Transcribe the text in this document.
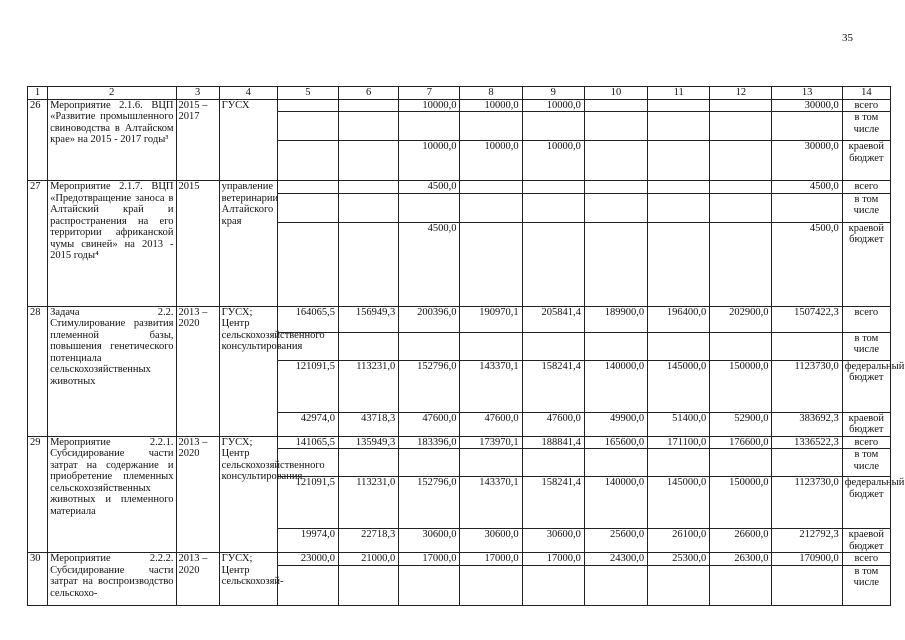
35
1	2	3	4	5	6	7	8	9	10	11	12	13	14
26	Мероприятие 2.1.6. ВЦП «Развитие промышленного свиноводства в Алтайском крае» на 2015 - 2017 годы³	2015 – 2017	ГУСХ			10000,0	10000,0	10000,0				30000,0	всего
													в том числе
						10000,0	10000,0	10000,0				30000,0	краевой бюджет
27	Мероприятие 2.1.7. ВЦП «Предотвращение заноса в Алтайский край и распространения на его территории африканской чумы свиней» на 2013 - 2015 годы⁴	2015	управление ветеринарии Алтайского края			4500,0						4500,0	всего
													в том числе
						4500,0						4500,0	краевой бюджет
28	Задача 2.2. Стимулирование развития племенной базы, повышения генетического потенциала сельскохозяйственных животных	2013 – 2020	ГУСХ; Центр сельскохозяйственного консультирования	164065,5	156949,3	200396,0	190970,1	205841,4	189900,0	196400,0	202900,0	1507422,3	всего
													в том числе
				121091,5	113231,0	152796,0	143370,1	158241,4	140000,0	145000,0	150000,0	1123730,0	федеральный бюджет
				42974,0	43718,3	47600,0	47600,0	47600,0	49900,0	51400,0	52900,0	383692,3	краевой бюджет
29	Мероприятие 2.2.1. Субсидирование части затрат на содержание и приобретение племенных сельскохозяйственных животных и племенного материала	2013 – 2020	ГУСХ; Центр сельскохозяйственного консультирования	141065,5	135949,3	183396,0	173970,1	188841,4	165600,0	171100,0	176600,0	1336522,3	всего
													в том числе
				121091,5	113231,0	152796,0	143370,1	158241,4	140000,0	145000,0	150000,0	1123730,0	федеральный бюджет
				19974,0	22718,3	30600,0	30600,0	30600,0	25600,0	26100,0	26600,0	212792,3	краевой бюджет
30	Мероприятие 2.2.2. Субсидирование части затрат на воспроизводство сельскохо-	2013 – 2020	ГУСХ; Центр сельскохозяй-	23000,0	21000,0	17000,0	17000,0	17000,0	24300,0	25300,0	26300,0	170900,0	всего
													в том числе
